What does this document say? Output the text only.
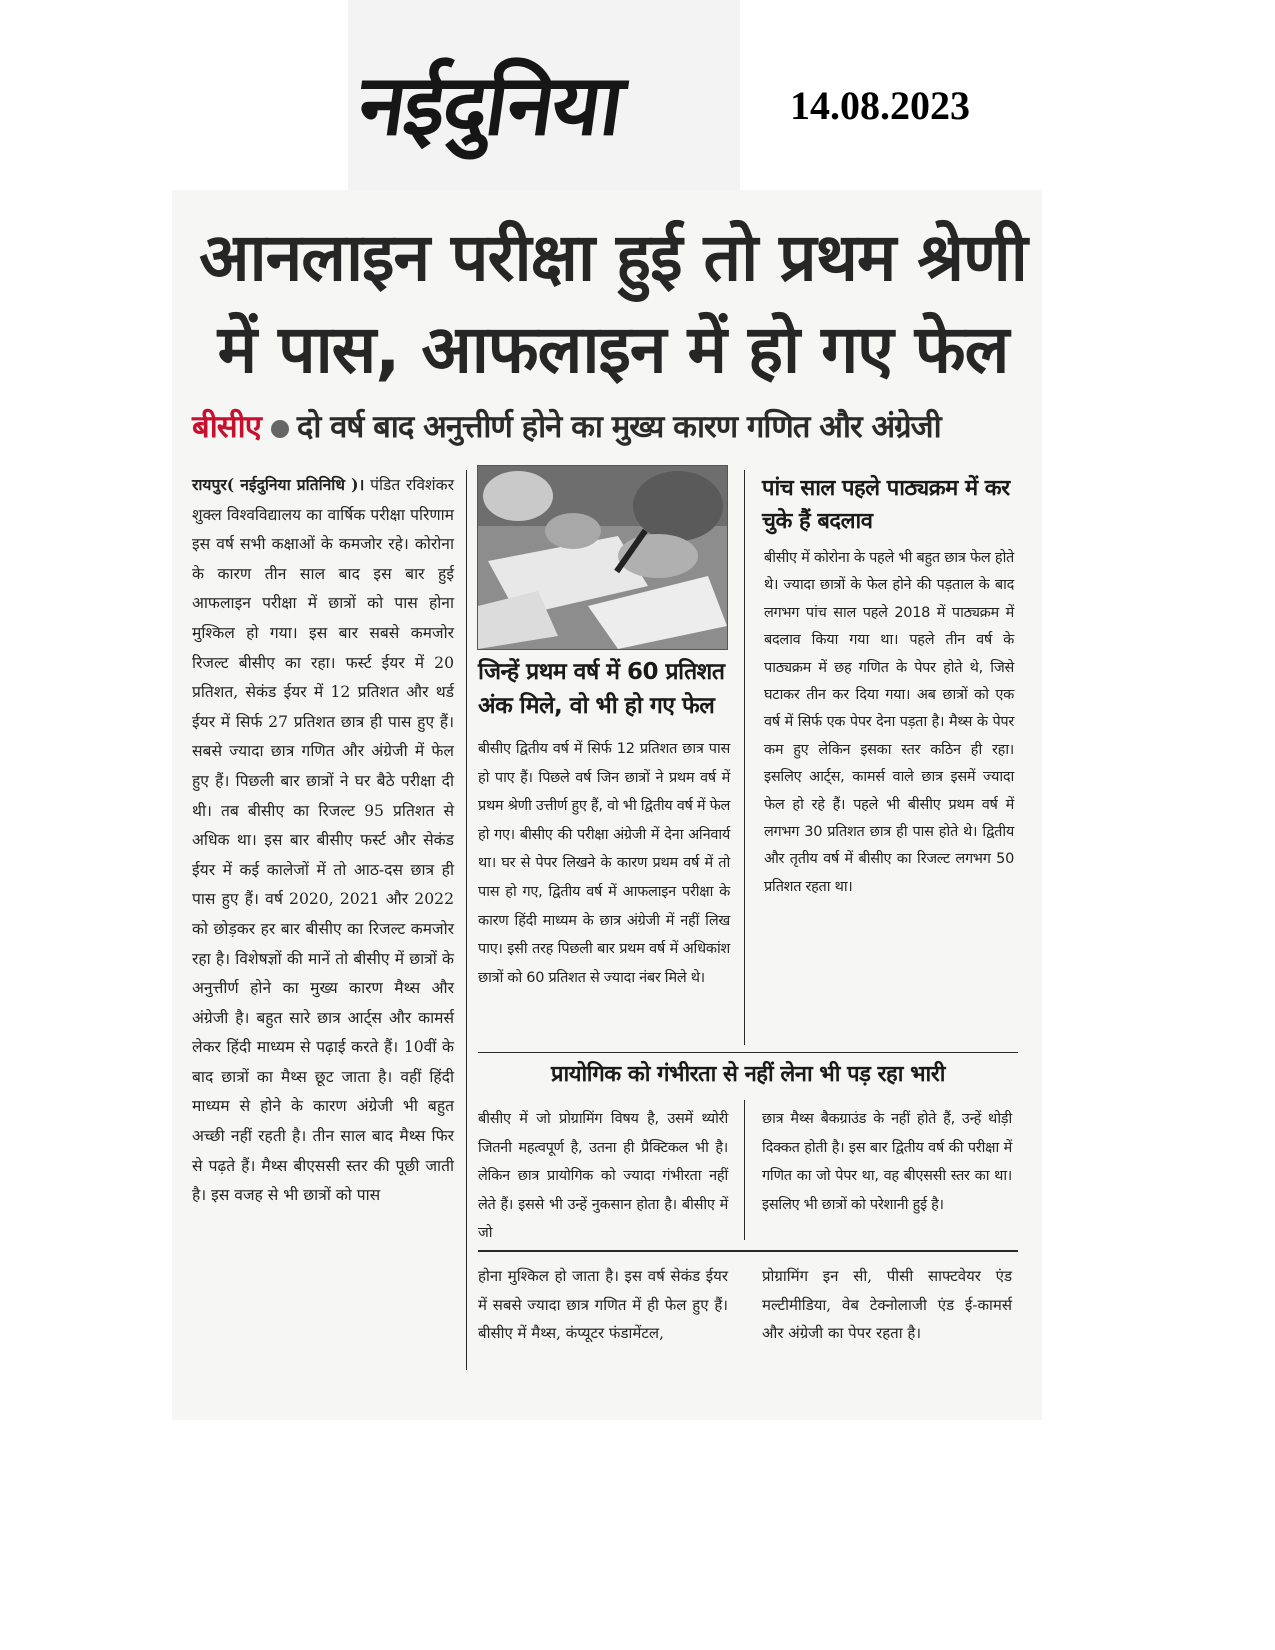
नईदुनिया	14.08.2023
आनलाइन परीक्षा हुई तो प्रथम श्रेणी में पास, आफलाइन में हो गए फेल
बीसीए दो वर्ष बाद अनुत्तीर्ण होने का मुख्य कारण गणित और अंग्रेजी
रायपुर( नईदुनिया प्रतिनिधि )। पंडित रविशंकर शुक्ल विश्वविद्यालय का वार्षिक परीक्षा परिणाम इस वर्ष सभी कक्षाओं के कमजोर रहे। कोरोना के कारण तीन साल बाद इस बार हुई आफलाइन परीक्षा में छात्रों को पास होना मुश्किल हो गया। इस बार सबसे कमजोर रिजल्ट बीसीए का रहा। फर्स्ट ईयर में 20 प्रतिशत, सेकंड ईयर में 12 प्रतिशत और थर्ड ईयर में सिर्फ 27 प्रतिशत छात्र ही पास हुए हैं। सबसे ज्यादा छात्र गणित और अंग्रेजी में फेल हुए हैं। पिछली बार छात्रों ने घर बैठे परीक्षा दी थी। तब बीसीए का रिजल्ट 95 प्रतिशत से अधिक था। इस बार बीसीए फर्स्ट और सेकंड ईयर में कई कालेजों में तो आठ-दस छात्र ही पास हुए हैं। वर्ष 2020, 2021 और 2022 को छोड़कर हर बार बीसीए का रिजल्ट कमजोर रहा है। विशेषज्ञों की मानें तो बीसीए में छात्रों के अनुत्तीर्ण होने का मुख्य कारण मैथ्स और अंग्रेजी है। बहुत सारे छात्र आर्ट्स और कामर्स लेकर हिंदी माध्यम से पढ़ाई करते हैं। 10वीं के बाद छात्रों का मैथ्स छूट जाता है। वहीं हिंदी माध्यम से होने के कारण अंग्रेजी भी बहुत अच्छी नहीं रहती है। तीन साल बाद मैथ्स फिर से पढ़ते हैं। मैथ्स बीएससी स्तर की पूछी जाती है। इस वजह से भी छात्रों को पास
जिन्हें प्रथम वर्ष में 60 प्रतिशत अंक मिले, वो भी हो गए फेल
बीसीए द्वितीय वर्ष में सिर्फ 12 प्रतिशत छात्र पास हो पाए हैं। पिछले वर्ष जिन छात्रों ने प्रथम वर्ष में प्रथम श्रेणी उत्तीर्ण हुए हैं, वो भी द्वितीय वर्ष में फेल हो गए। बीसीए की परीक्षा अंग्रेजी में देना अनिवार्य था। घर से पेपर लिखने के कारण प्रथम वर्ष में तो पास हो गए, द्वितीय वर्ष में आफलाइन परीक्षा के कारण हिंदी माध्यम के छात्र अंग्रेजी में नहीं लिख पाए। इसी तरह पिछली बार प्रथम वर्ष में अधिकांश छात्रों को 60 प्रतिशत से ज्यादा नंबर मिले थे।
पांच साल पहले पाठ्यक्रम में कर चुके हैं बदलाव
बीसीए में कोरोना के पहले भी बहुत छात्र फेल होते थे। ज्यादा छात्रों के फेल होने की पड़ताल के बाद लगभग पांच साल पहले 2018 में पाठ्यक्रम में बदलाव किया गया था। पहले तीन वर्ष के पाठ्यक्रम में छह गणित के पेपर होते थे, जिसे घटाकर तीन कर दिया गया। अब छात्रों को एक वर्ष में सिर्फ एक पेपर देना पड़ता है। मैथ्स के पेपर कम हुए लेकिन इसका स्तर कठिन ही रहा। इसलिए आर्ट्स, कामर्स वाले छात्र इसमें ज्यादा फेल हो रहे हैं। पहले भी बीसीए प्रथम वर्ष में लगभग 30 प्रतिशत छात्र ही पास होते थे। द्वितीय और तृतीय वर्ष में बीसीए का रिजल्ट लगभग 50 प्रतिशत रहता था।
प्रायोगिक को गंभीरता से नहीं लेना भी पड़ रहा भारी
बीसीए में जो प्रोग्रामिंग विषय है, उसमें थ्योरी जितनी महत्वपूर्ण है, उतना ही प्रैक्टिकल भी है। लेकिन छात्र प्रायोगिक को ज्यादा गंभीरता नहीं लेते हैं। इससे भी उन्हें नुकसान होता है। बीसीए में जो
छात्र मैथ्स बैकग्राउंड के नहीं होते हैं, उन्हें थोड़ी दिक्कत होती है। इस बार द्वितीय वर्ष की परीक्षा में गणित का जो पेपर था, वह बीएससी स्तर का था। इसलिए भी छात्रों को परेशानी हुई है।
होना मुश्किल हो जाता है। इस वर्ष सेकंड ईयर में सबसे ज्यादा छात्र गणित में ही फेल हुए हैं। बीसीए में मैथ्स, कंप्यूटर फंडामेंटल,
प्रोग्रामिंग इन सी, पीसी साफ्टवेयर एंड मल्टीमीडिया, वेब टेक्नोलाजी एंड ई-कामर्स और अंग्रेजी का पेपर रहता है।
